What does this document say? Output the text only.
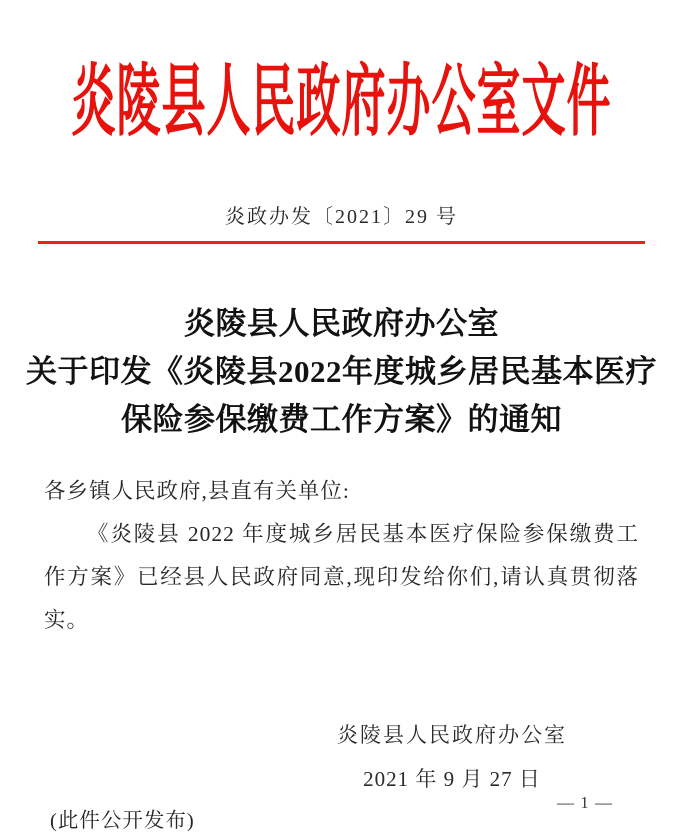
炎陵县人民政府办公室文件
炎政办发〔2021〕29 号
炎陵县人民政府办公室
关于印发《炎陵县2022年度城乡居民基本医疗
保险参保缴费工作方案》的通知

各乡镇人民政府,县直有关单位:

《炎陵县 2022 年度城乡居民基本医疗保险参保缴费工作方案》已经县人民政府同意,现印发给你们,请认真贯彻落实。

炎陵县人民政府办公室
2021 年 9 月 27 日
(此件公开发布)
— 1 —
